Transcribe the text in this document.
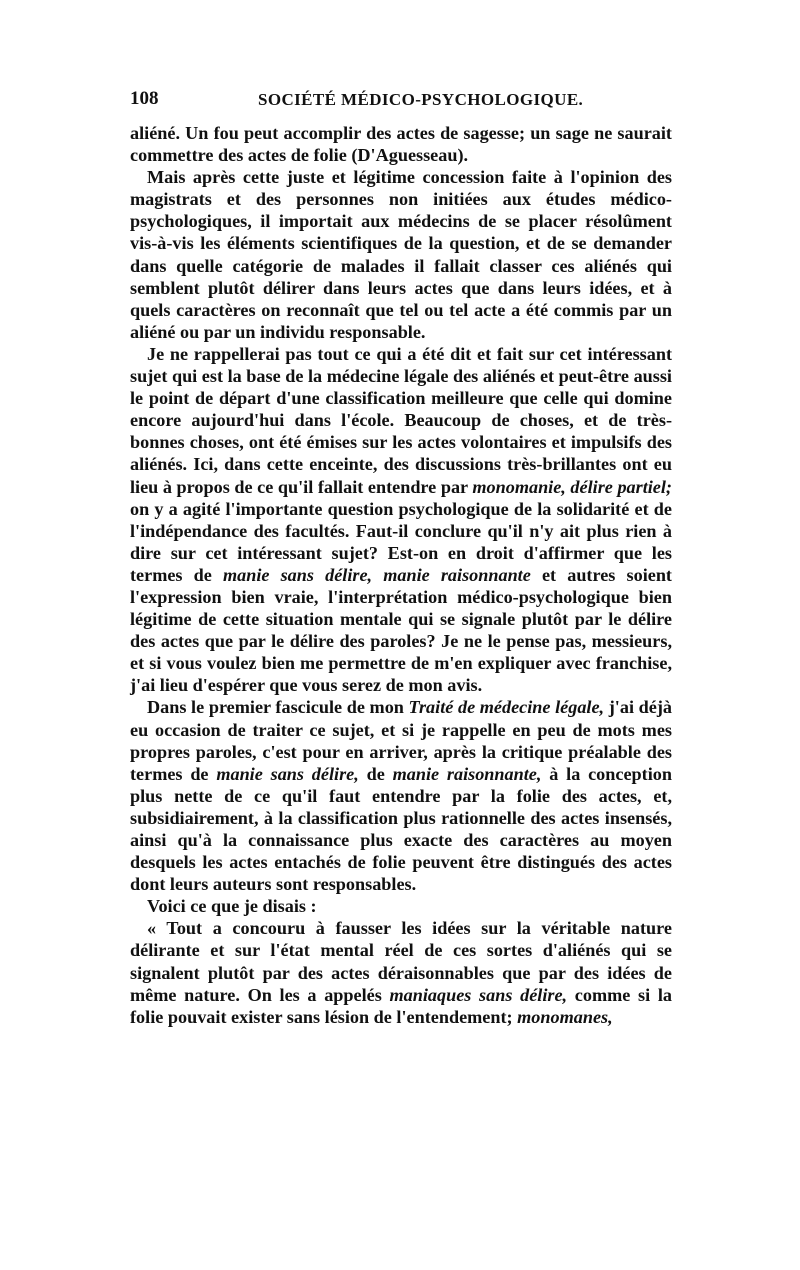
108	SOCIÉTÉ MÉDICO-PSYCHOLOGIQUE.

aliéné. Un fou peut accomplir des actes de sagesse; un sage ne saurait commettre des actes de folie (D'Aguesseau).

Mais après cette juste et légitime concession faite à l'opinion des magistrats et des personnes non initiées aux études médico-psychologiques, il importait aux médecins de se placer résolûment vis-à-vis les éléments scientifiques de la question, et de se demander dans quelle catégorie de malades il fallait classer ces aliénés qui semblent plutôt délirer dans leurs actes que dans leurs idées, et à quels caractères on reconnaît que tel ou tel acte a été commis par un aliéné ou par un individu responsable.

Je ne rappellerai pas tout ce qui a été dit et fait sur cet intéressant sujet qui est la base de la médecine légale des aliénés et peut-être aussi le point de départ d'une classification meilleure que celle qui domine encore aujourd'hui dans l'école. Beaucoup de choses, et de très-bonnes choses, ont été émises sur les actes volontaires et impulsifs des aliénés. Ici, dans cette enceinte, des discussions très-brillantes ont eu lieu à propos de ce qu'il fallait entendre par monomanie, délire partiel; on y a agité l'importante question psychologique de la solidarité et de l'indépendance des facultés. Faut-il conclure qu'il n'y ait plus rien à dire sur cet intéressant sujet? Est-on en droit d'affirmer que les termes de manie sans délire, manie raisonnante et autres soient l'expression bien vraie, l'interprétation médico-psychologique bien légitime de cette situation mentale qui se signale plutôt par le délire des actes que par le délire des paroles? Je ne le pense pas, messieurs, et si vous voulez bien me permettre de m'en expliquer avec franchise, j'ai lieu d'espérer que vous serez de mon avis.

Dans le premier fascicule de mon Traité de médecine légale, j'ai déjà eu occasion de traiter ce sujet, et si je rappelle en peu de mots mes propres paroles, c'est pour en arriver, après la critique préalable des termes de manie sans délire, de manie raisonnante, à la conception plus nette de ce qu'il faut entendre par la folie des actes, et, subsidiairement, à la classification plus rationnelle des actes insensés, ainsi qu'à la connaissance plus exacte des caractères au moyen desquels les actes entachés de folie peuvent être distingués des actes dont leurs auteurs sont responsables.

Voici ce que je disais :

« Tout a concouru à fausser les idées sur la véritable nature délirante et sur l'état mental réel de ces sortes d'aliénés qui se signalent plutôt par des actes déraisonnables que par des idées de même nature. On les a appelés maniaques sans délire, comme si la folie pouvait exister sans lésion de l'entendement; monomanes,
